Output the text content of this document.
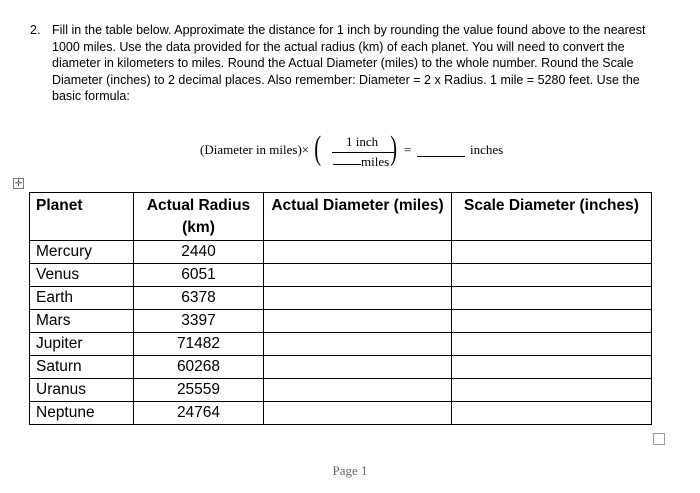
2. Fill in the table below. Approximate the distance for 1 inch by rounding the value found above to the nearest 1000 miles. Use the data provided for the actual radius (km) of each planet. You will need to convert the diameter in kilometers to miles. Round the Actual Diameter (miles) to the whole number. Round the Scale Diameter (inches) to 2 decimal places. Also remember: Diameter = 2 x Radius. 1 mile = 5280 feet. Use the basic formula:
(Diameter in miles)× ( 1 inch
miles ) =	inches
✛
Planet	Actual Radius (km)	Actual Diameter (miles)	Scale Diameter (inches)
Mercury	2440		
Venus	6051		
Earth	6378		
Mars	3397		
Jupiter	71482		
Saturn	60268		
Uranus	25559		
Neptune	24764		
Page 1
